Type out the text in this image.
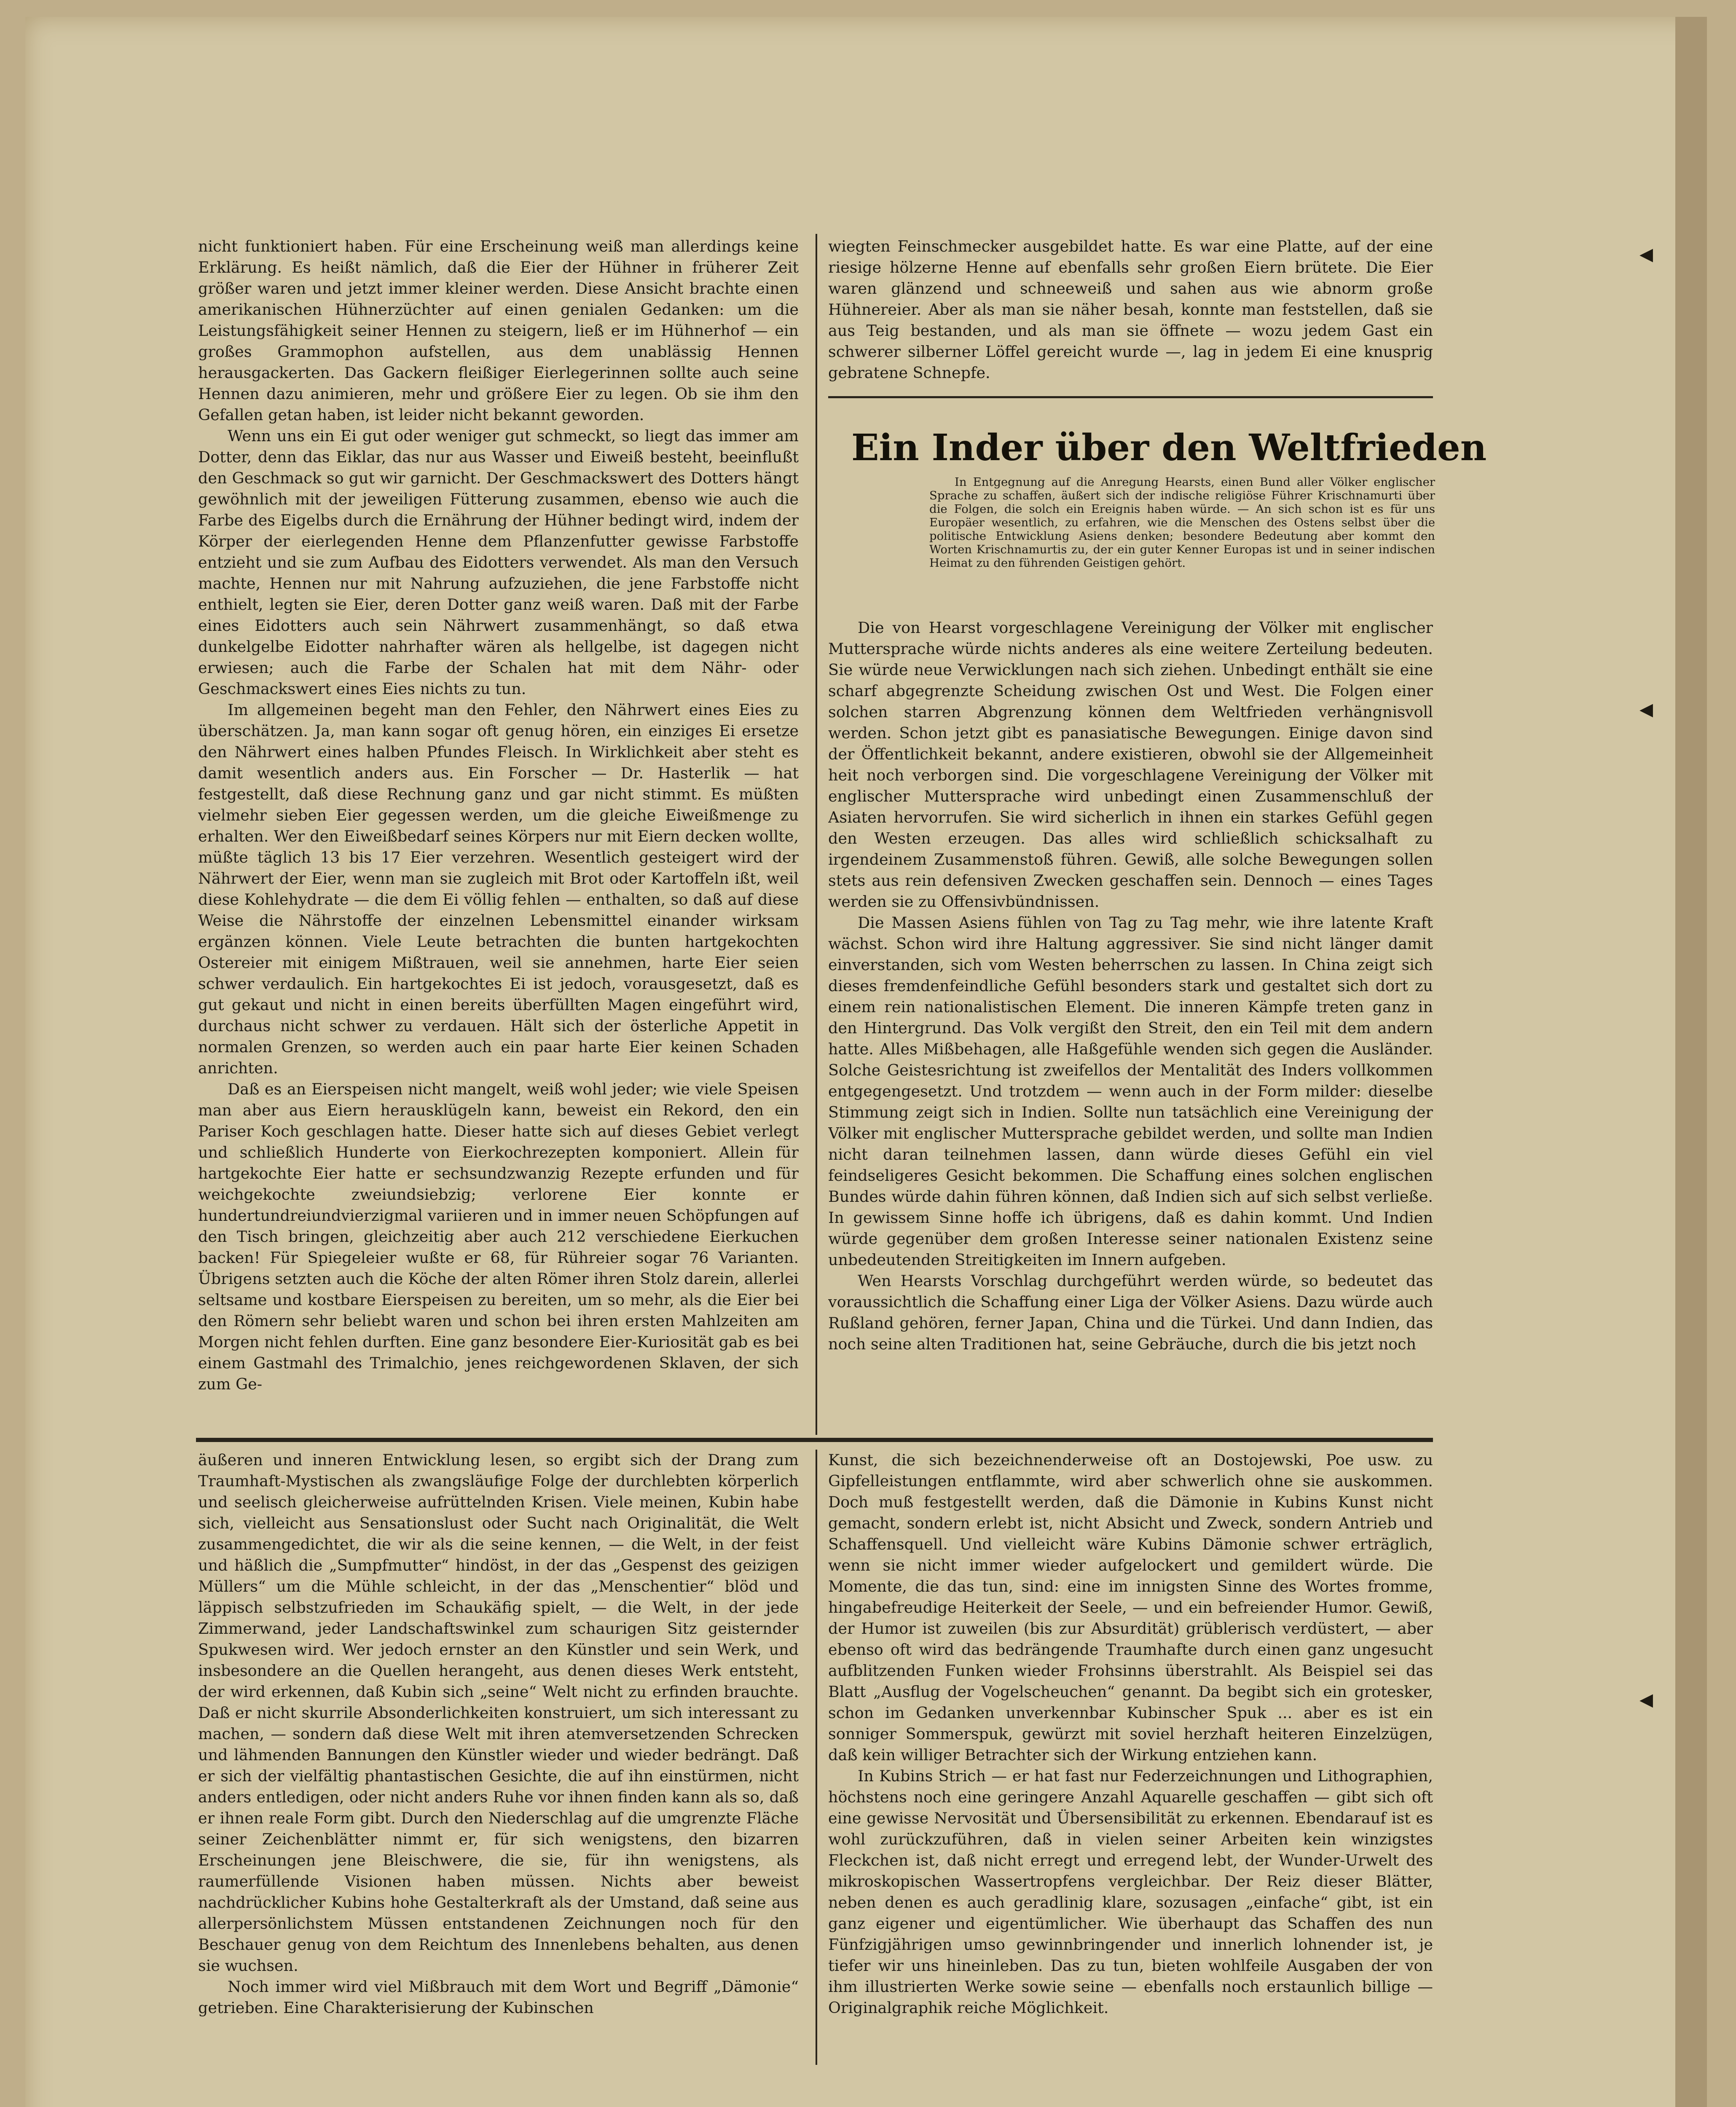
◂
◂
◂

nicht funktioniert haben. Für eine Erscheinung weiß man allerdings keine Erklärung. Es heißt nämlich, daß die Eier der Hühner in früherer Zeit größer waren und jetzt immer kleiner werden. Diese Ansicht brachte einen amerikanischen Hühnerzüchter auf einen genialen Gedanken: um die Leistungsfähigkeit seiner Hennen zu steigern, ließ er im Hühnerhof — ein großes Grammophon aufstellen, aus dem unablässig Hennen herausgackerten. Das Gackern fleißiger Eierlegerinnen sollte auch seine Hennen dazu animieren, mehr und größere Eier zu legen. Ob sie ihm den Gefallen getan haben, ist leider nicht bekannt geworden.

Wenn uns ein Ei gut oder weniger gut schmeckt, so liegt das immer am Dotter, denn das Eiklar, das nur aus Wasser und Eiweiß besteht, beeinflußt den Geschmack so gut wir garnicht. Der Geschmackswert des Dotters hängt gewöhnlich mit der jeweiligen Fütterung zusammen, ebenso wie auch die Farbe des Eigelbs durch die Ernährung der Hühner bedingt wird, indem der Körper der eierlegenden Henne dem Pflanzenfutter gewisse Farbstoffe entzieht und sie zum Aufbau des Eidotters verwendet. Als man den Versuch machte, Hennen nur mit Nahrung aufzuziehen, die jene Farbstoffe nicht enthielt, legten sie Eier, deren Dotter ganz weiß waren. Daß mit der Farbe eines Eidotters auch sein Nährwert zusammenhängt, so daß etwa dunkelgelbe Eidotter nahrhafter wären als hellgelbe, ist dagegen nicht erwiesen; auch die Farbe der Schalen hat mit dem Nähr- oder Geschmackswert eines Eies nichts zu tun.

Im allgemeinen begeht man den Fehler, den Nährwert eines Eies zu überschätzen. Ja, man kann sogar oft genug hören, ein einziges Ei ersetze den Nährwert eines halben Pfundes Fleisch. In Wirklichkeit aber steht es damit wesentlich anders aus. Ein Forscher — Dr. Hasterlik — hat festgestellt, daß diese Rechnung ganz und gar nicht stimmt. Es müßten vielmehr sieben Eier gegessen werden, um die gleiche Eiweißmenge zu erhalten. Wer den Eiweißbedarf seines Körpers nur mit Eiern decken wollte, müßte täglich 13 bis 17 Eier verzehren. Wesentlich gesteigert wird der Nährwert der Eier, wenn man sie zugleich mit Brot oder Kartoffeln ißt, weil diese Kohlehydrate — die dem Ei völlig fehlen — enthalten, so daß auf diese Weise die Nährstoffe der einzelnen Lebensmittel einander wirksam ergänzen können. Viele Leute betrachten die bunten hartgekochten Ostereier mit einigem Mißtrauen, weil sie annehmen, harte Eier seien schwer verdaulich. Ein hartgekochtes Ei ist jedoch, vorausgesetzt, daß es gut gekaut und nicht in einen bereits überfüllten Magen eingeführt wird, durchaus nicht schwer zu verdauen. Hält sich der österliche Appetit in normalen Grenzen, so werden auch ein paar harte Eier keinen Schaden anrichten.

Daß es an Eierspeisen nicht mangelt, weiß wohl jeder; wie viele Speisen man aber aus Eiern herausklügeln kann, beweist ein Rekord, den ein Pariser Koch geschlagen hatte. Dieser hatte sich auf dieses Gebiet verlegt und schließlich Hunderte von Eierkochrezepten komponiert. Allein für hartgekochte Eier hatte er sechsundzwanzig Rezepte erfunden und für weichgekochte zweiundsiebzig; verlorene Eier konnte er hundertundreiundvierzigmal variieren und in immer neuen Schöpfungen auf den Tisch bringen, gleichzeitig aber auch 212 verschiedene Eierkuchen backen! Für Spiegeleier wußte er 68, für Rühreier sogar 76 Varianten. Übrigens setzten auch die Köche der alten Römer ihren Stolz darein, allerlei seltsame und kostbare Eierspeisen zu bereiten, um so mehr, als die Eier bei den Römern sehr beliebt waren und schon bei ihren ersten Mahlzeiten am Morgen nicht fehlen durften. Eine ganz besondere Eier-Kuriosität gab es bei einem Gastmahl des Trimalchio, jenes reichgewordenen Sklaven, der sich zum Ge-

wiegten Feinschmecker ausgebildet hatte. Es war eine Platte, auf der eine riesige hölzerne Henne auf ebenfalls sehr großen Eiern brütete. Die Eier waren glänzend und schneeweiß und sahen aus wie abnorm große Hühnereier. Aber als man sie näher besah, konnte man feststellen, daß sie aus Teig bestanden, und als man sie öffnete — wozu jedem Gast ein schwerer silberner Löffel gereicht wurde —, lag in jedem Ei eine knusprig gebratene Schnepfe.

Ein Inder über den Weltfrieden

In Entgegnung auf die Anregung Hearsts, einen Bund aller Völker englischer Sprache zu schaffen, äußert sich der indische religiöse Führer Krischnamurti über die Folgen, die solch ein Ereignis haben würde. — An sich schon ist es für uns Europäer wesentlich, zu erfahren, wie die Menschen des Ostens selbst über die politische Entwicklung Asiens denken; besondere Bedeutung aber kommt den Worten Krischnamurtis zu, der ein guter Kenner Europas ist und in seiner indischen Heimat zu den führenden Geistigen gehört.

Die von Hearst vorgeschlagene Vereinigung der Völker mit englischer Muttersprache würde nichts anderes als eine weitere Zerteilung bedeuten. Sie würde neue Verwicklungen nach sich ziehen. Unbedingt enthält sie eine scharf abgegrenzte Scheidung zwischen Ost und West. Die Folgen einer solchen starren Abgrenzung können dem Weltfrieden verhängnisvoll werden. Schon jetzt gibt es panasiatische Bewegungen. Einige davon sind der Öffentlichkeit bekannt, andere existieren, obwohl sie der Allgemeinheit heit noch verborgen sind. Die vorgeschlagene Vereinigung der Völker mit englischer Muttersprache wird unbedingt einen Zusammenschluß der Asiaten hervorrufen. Sie wird sicherlich in ihnen ein starkes Gefühl gegen den Westen erzeugen. Das alles wird schließlich schicksalhaft zu irgendeinem Zusammenstoß führen. Gewiß, alle solche Bewegungen sollen stets aus rein defensiven Zwecken geschaffen sein. Dennoch — eines Tages werden sie zu Offensivbündnissen.

Die Massen Asiens fühlen von Tag zu Tag mehr, wie ihre latente Kraft wächst. Schon wird ihre Haltung aggressiver. Sie sind nicht länger damit einverstanden, sich vom Westen beherrschen zu lassen. In China zeigt sich dieses fremdenfeindliche Gefühl besonders stark und gestaltet sich dort zu einem rein nationalistischen Element. Die inneren Kämpfe treten ganz in den Hintergrund. Das Volk vergißt den Streit, den ein Teil mit dem andern hatte. Alles Mißbehagen, alle Haßgefühle wenden sich gegen die Ausländer. Solche Geistesrichtung ist zweifellos der Mentalität des Inders vollkommen entgegengesetzt. Und trotzdem — wenn auch in der Form milder: dieselbe Stimmung zeigt sich in Indien. Sollte nun tatsächlich eine Vereinigung der Völker mit englischer Muttersprache gebildet werden, und sollte man Indien nicht daran teilnehmen lassen, dann würde dieses Gefühl ein viel feindseligeres Gesicht bekommen. Die Schaffung eines solchen englischen Bundes würde dahin führen können, daß Indien sich auf sich selbst verließe. In gewissem Sinne hoffe ich übrigens, daß es dahin kommt. Und Indien würde gegenüber dem großen Interesse seiner nationalen Existenz seine unbedeutenden Streitigkeiten im Innern aufgeben.

Wen Hearsts Vorschlag durchgeführt werden würde, so bedeutet das voraussichtlich die Schaffung einer Liga der Völker Asiens. Dazu würde auch Rußland gehören, ferner Japan, China und die Türkei. Und dann Indien, das noch seine alten Traditionen hat, seine Gebräuche, durch die bis jetzt noch

äußeren und inneren Entwicklung lesen, so ergibt sich der Drang zum Traumhaft-Mystischen als zwangsläufige Folge der durchlebten körperlich und seelisch gleicherweise aufrüttelnden Krisen. Viele meinen, Kubin habe sich, vielleicht aus Sensationslust oder Sucht nach Originalität, die Welt zusammengedichtet, die wir als die seine kennen, — die Welt, in der feist und häßlich die „Sumpfmutter“ hindöst, in der das „Gespenst des geizigen Müllers“ um die Mühle schleicht, in der das „Menschentier“ blöd und läppisch selbstzufrieden im Schaukäfig spielt, — die Welt, in der jede Zimmerwand, jeder Landschaftswinkel zum schaurigen Sitz geisternder Spukwesen wird. Wer jedoch ernster an den Künstler und sein Werk, und insbesondere an die Quellen herangeht, aus denen dieses Werk entsteht, der wird erkennen, daß Kubin sich „seine“ Welt nicht zu erfinden brauchte. Daß er nicht skurrile Absonderlichkeiten konstruiert, um sich interessant zu machen, — sondern daß diese Welt mit ihren atemversetzenden Schrecken und lähmenden Bannungen den Künstler wieder und wieder bedrängt. Daß er sich der vielfältig phantastischen Gesichte, die auf ihn einstürmen, nicht anders entledigen, oder nicht anders Ruhe vor ihnen finden kann als so, daß er ihnen reale Form gibt. Durch den Niederschlag auf die umgrenzte Fläche seiner Zeichenblätter nimmt er, für sich wenigstens, den bizarren Erscheinungen jene Bleischwere, die sie, für ihn wenigstens, als raumerfüllende Visionen haben müssen. Nichts aber beweist nachdrücklicher Kubins hohe Gestalterkraft als der Umstand, daß seine aus allerpersönlichstem Müssen entstandenen Zeichnungen noch für den Beschauer genug von dem Reichtum des Innenlebens behalten, aus denen sie wuchsen.

Noch immer wird viel Mißbrauch mit dem Wort und Begriff „Dämonie“ getrieben. Eine Charakterisierung der Kubinschen

Kunst, die sich bezeichnenderweise oft an Dostojewski, Poe usw. zu Gipfelleistungen entflammte, wird aber schwerlich ohne sie auskommen. Doch muß festgestellt werden, daß die Dämonie in Kubins Kunst nicht gemacht, sondern erlebt ist, nicht Absicht und Zweck, sondern Antrieb und Schaffensquell. Und vielleicht wäre Kubins Dämonie schwer erträglich, wenn sie nicht immer wieder aufgelockert und gemildert würde. Die Momente, die das tun, sind: eine im innigsten Sinne des Wortes fromme, hingabefreudige Heiterkeit der Seele, — und ein befreiender Humor. Gewiß, der Humor ist zuweilen (bis zur Absurdität) grüblerisch verdüstert, — aber ebenso oft wird das bedrängende Traumhafte durch einen ganz ungesucht aufblitzenden Funken wieder Frohsinns überstrahlt. Als Beispiel sei das Blatt „Ausflug der Vogelscheuchen“ genannt. Da begibt sich ein grotesker, schon im Gedanken unverkennbar Kubinscher Spuk ... aber es ist ein sonniger Sommerspuk, gewürzt mit soviel herzhaft heiteren Einzelzügen, daß kein williger Betrachter sich der Wirkung entziehen kann.

In Kubins Strich — er hat fast nur Federzeichnungen und Lithographien, höchstens noch eine geringere Anzahl Aquarelle geschaffen — gibt sich oft eine gewisse Nervosität und Übersensibilität zu erkennen. Ebendarauf ist es wohl zurückzuführen, daß in vielen seiner Arbeiten kein winzigstes Fleckchen ist, daß nicht erregt und erregend lebt, der Wunder-Urwelt des mikroskopischen Wassertropfens vergleichbar. Der Reiz dieser Blätter, neben denen es auch geradlinig klare, sozusagen „einfache“ gibt, ist ein ganz eigener und eigentümlicher. Wie überhaupt das Schaffen des nun Fünfzigjährigen umso gewinnbringender und innerlich lohnender ist, je tiefer wir uns hineinleben. Das zu tun, bieten wohlfeile Ausgaben der von ihm illustrierten Werke sowie seine — ebenfalls noch erstaunlich billige — Originalgraphik reiche Möglichkeit.
